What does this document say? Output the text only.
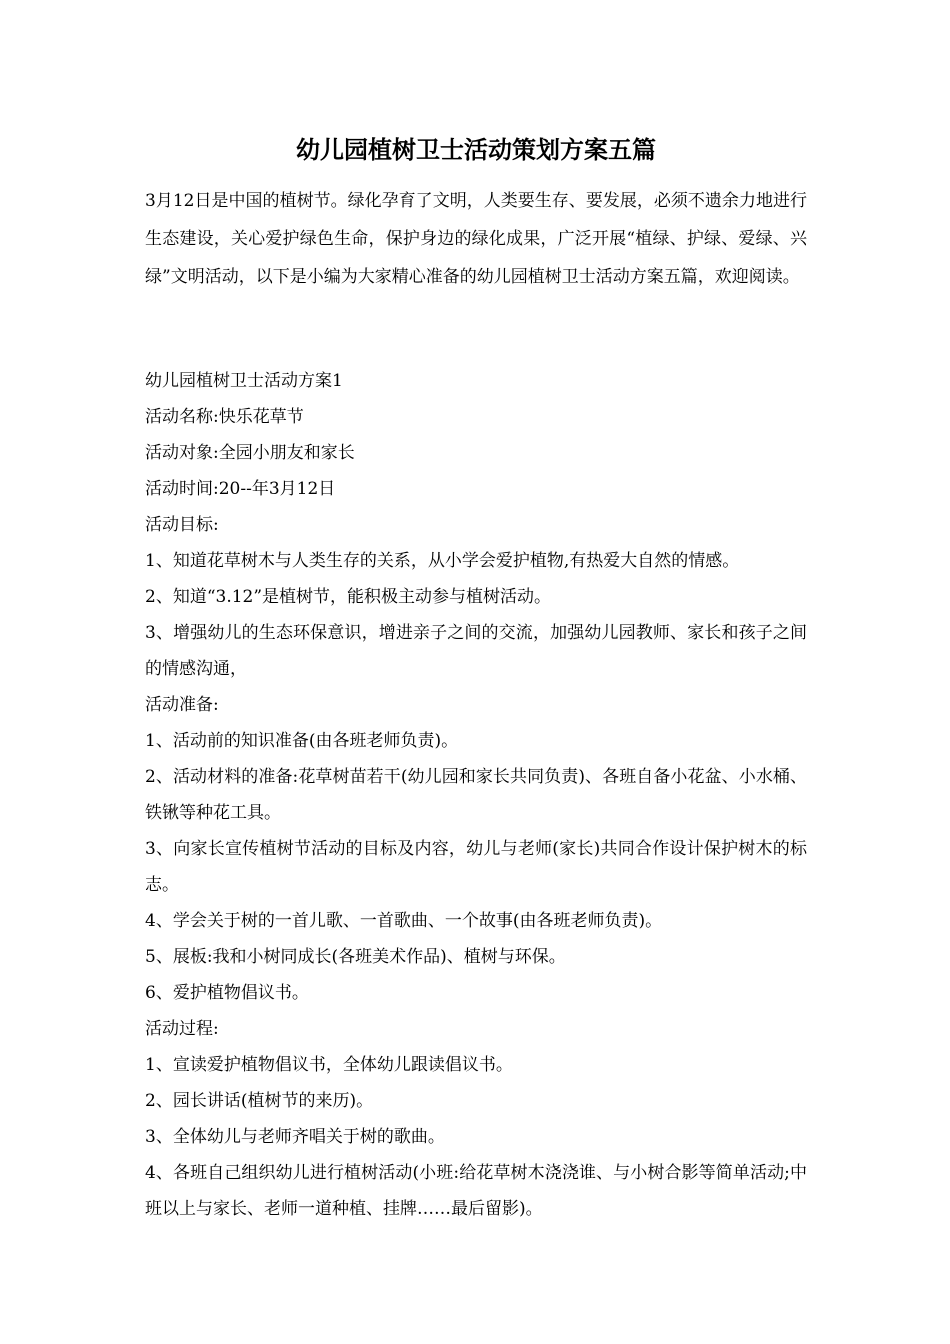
幼儿园植树卫士活动策划方案五篇

3月12日是中国的植树节。绿化孕育了文明，人类要生存、要发展，必须不遗余力地进行生态建设，关心爱护绿色生命，保护身边的绿化成果，广泛开展“植绿、护绿、爱绿、兴绿”文明活动，以下是小编为大家精心准备的幼儿园植树卫士活动方案五篇，欢迎阅读。

幼儿园植树卫士活动方案1

活动名称:快乐花草节

活动对象:全园小朋友和家长

活动时间:20--年3月12日

活动目标:

1、知道花草树木与人类生存的关系，从小学会爱护植物,有热爱大自然的情感。

2、知道“3.12”是植树节，能积极主动参与植树活动。

3、增强幼儿的生态环保意识，增进亲子之间的交流，加强幼儿园教师、家长和孩子之间的情感沟通，

活动准备:

1、活动前的知识准备(由各班老师负责)。

2、活动材料的准备:花草树苗若干(幼儿园和家长共同负责)、各班自备小花盆、小水桶、铁锹等种花工具。

3、向家长宣传植树节活动的目标及内容，幼儿与老师(家长)共同合作设计保护树木的标志。

4、学会关于树的一首儿歌、一首歌曲、一个故事(由各班老师负责)。

5、展板:我和小树同成长(各班美术作品)、植树与环保。

6、爱护植物倡议书。

活动过程:

1、宣读爱护植物倡议书，全体幼儿跟读倡议书。

2、园长讲话(植树节的来历)。

3、全体幼儿与老师齐唱关于树的歌曲。

4、各班自己组织幼儿进行植树活动(小班:给花草树木浇浇谁、与小树合影等简单活动;中班以上与家长、老师一道种植、挂牌……最后留影)。
